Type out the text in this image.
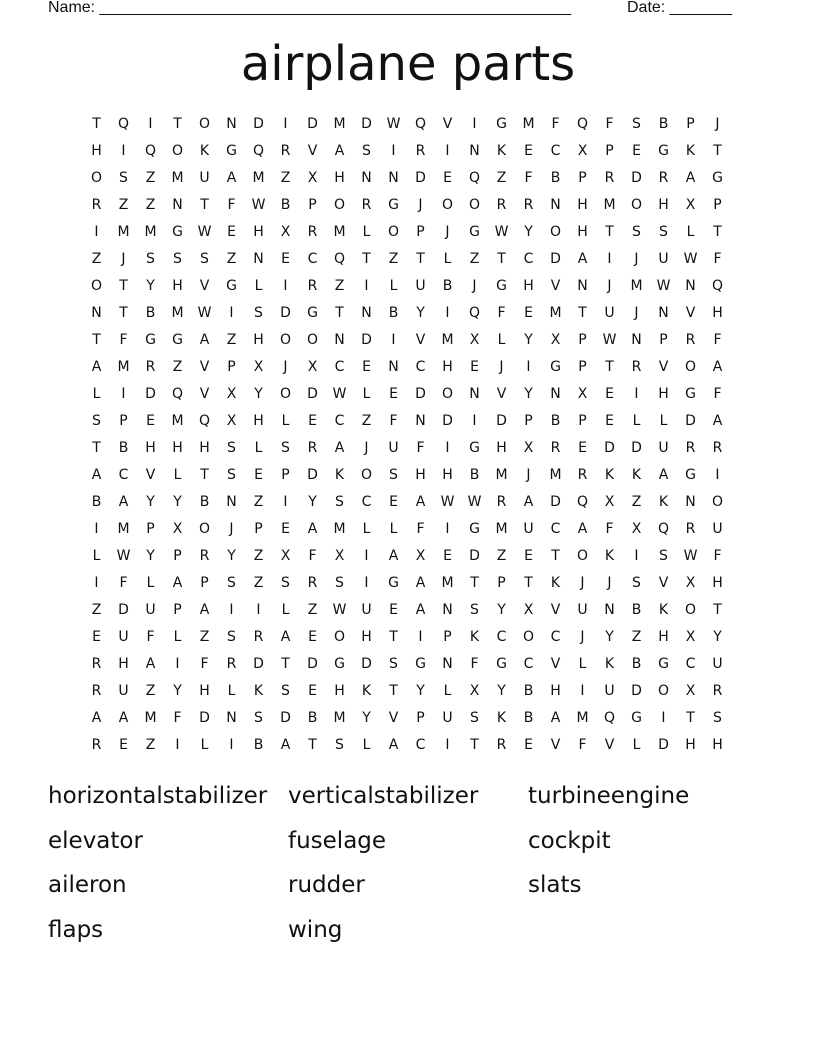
Name: _____________________________________________________	Date: _______
airplane parts
T	Q	I	T	O	N	D	I	D	M	D	W	Q	V	I	G	M	F	Q	F	S	B	P	J
H	I	Q	O	K	G	Q	R	V	A	S	I	R	I	N	K	E	C	X	P	E	G	K	T
O	S	Z	M	U	A	M	Z	X	H	N	N	D	E	Q	Z	F	B	P	R	D	R	A	G
R	Z	Z	N	T	F	W	B	P	O	R	G	J	O	O	R	R	N	H	M	O	H	X	P
I	M	M	G	W	E	H	X	R	M	L	O	P	J	G	W	Y	O	H	T	S	S	L	T
Z	J	S	S	S	Z	N	E	C	Q	T	Z	T	L	Z	T	C	D	A	I	J	U	W	F
O	T	Y	H	V	G	L	I	R	Z	I	L	U	B	J	G	H	V	N	J	M	W	N	Q
N	T	B	M	W	I	S	D	G	T	N	B	Y	I	Q	F	E	M	T	U	J	N	V	H
T	F	G	G	A	Z	H	O	O	N	D	I	V	M	X	L	Y	X	P	W	N	P	R	F
A	M	R	Z	V	P	X	J	X	C	E	N	C	H	E	J	I	G	P	T	R	V	O	A
L	I	D	Q	V	X	Y	O	D	W	L	E	D	O	N	V	Y	N	X	E	I	H	G	F
S	P	E	M	Q	X	H	L	E	C	Z	F	N	D	I	D	P	B	P	E	L	L	D	A
T	B	H	H	H	S	L	S	R	A	J	U	F	I	G	H	X	R	E	D	D	U	R	R
A	C	V	L	T	S	E	P	D	K	O	S	H	H	B	M	J	M	R	K	K	A	G	I
B	A	Y	Y	B	N	Z	I	Y	S	C	E	A	W W	R	A	D	Q	X	Z	K	N	O
I	M	P	X	O	J	P	E	A	M	L	L	F	I	G	M	U	C	A	F	X	Q	R	U
L	W	Y	P	R	Y	Z	X	F	X	I	A	X	E	D	Z	E	T	O	K	I	S	W	F
I	F	L	A	P	S	Z	S	R	S	I	G	A	M	T	P	T	K	J	J	S	V	X	H
Z	D	U	P	A	I	I	L	Z	W	U	E	A	N	S	Y	X	V	U	N	B	K	O	T
E	U	F	L	Z	S	R	A	E	O	H	T	I	P	K	C	O	C	J	Y	Z	H	X	Y
R	H	A	I	F	R	D	T	D	G	D	S	G	N	F	G	C	V	L	K	B	G	C	U
R	U	Z	Y	H	L	K	S	E	H	K	T	Y	L	X	Y	B	H	I	U	D	O	X	R
A	A	M	F	D	N	S	D	B	M	Y	V	P	U	S	K	B	A	M	Q	G	I	T	S
R	E	Z	I	L	I	B	A	T	S	L	A	C	I	T	R	E	V	F	V	L	D	H	H
horizontalstabilizer verticalstabilizer	turbineengine
elevator	fuselage	cockpit
aileron	rudder	slats
flaps	wing
